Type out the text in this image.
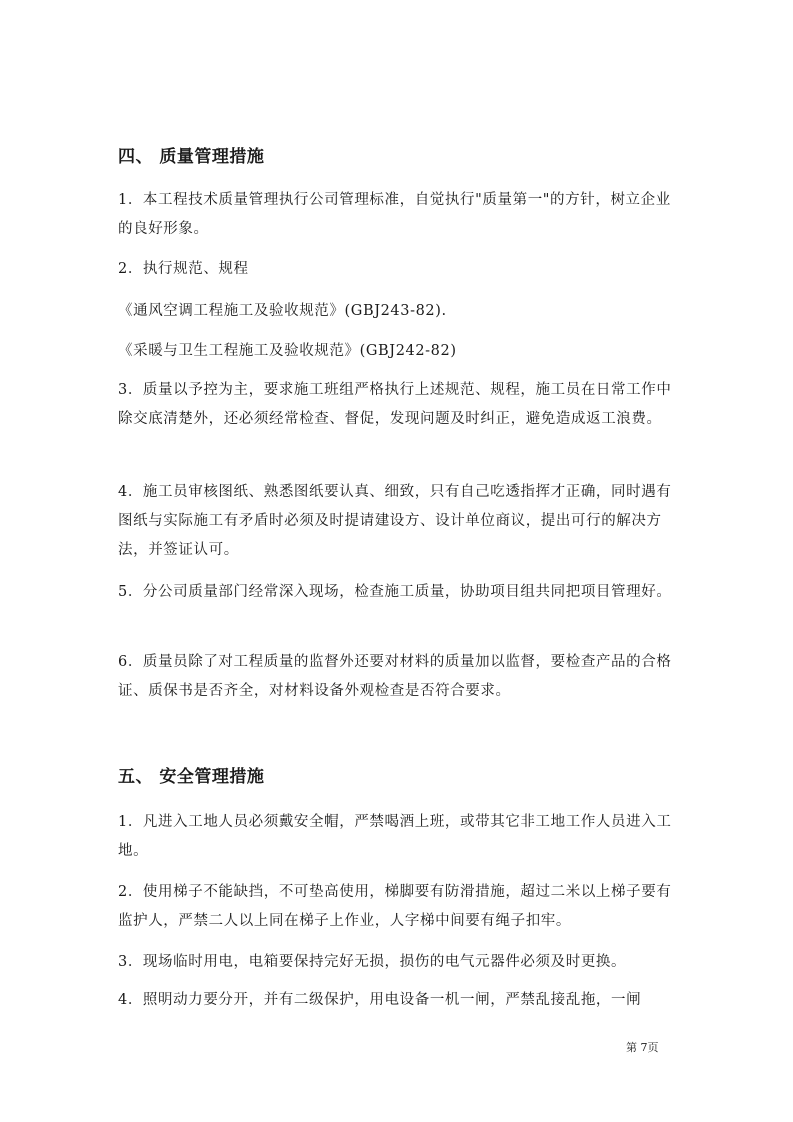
四、 质量管理措施
1．本工程技术质量管理执行公司管理标准，自觉执行"质量第一"的方针，树立企业的良好形象。
2．执行规范、规程
《通风空调工程施工及验收规范》(GBJ243-82).
《采暖与卫生工程施工及验收规范》(GBJ242-82)
3．质量以予控为主，要求施工班组严格执行上述规范、规程，施工员在日常工作中除交底清楚外，还必须经常检查、督促，发现问题及时纠正，避免造成返工浪费。
4．施工员审核图纸、熟悉图纸要认真、细致，只有自己吃透指挥才正确，同时遇有图纸与实际施工有矛盾时必须及时提请建设方、设计单位商议，提出可行的解决方法，并签证认可。
5．分公司质量部门经常深入现场，检查施工质量，协助项目组共同把项目管理好。
6．质量员除了对工程质量的监督外还要对材料的质量加以监督，要检查产品的合格证、质保书是否齐全，对材料设备外观检查是否符合要求。
五、 安全管理措施
1．凡进入工地人员必须戴安全帽，严禁喝酒上班，或带其它非工地工作人员进入工地。
2．使用梯子不能缺挡，不可垫高使用，梯脚要有防滑措施，超过二米以上梯子要有监护人，严禁二人以上同在梯子上作业，人字梯中间要有绳子扣牢。
3．现场临时用电，电箱要保持完好无损，损伤的电气元器件必须及时更换。
4．照明动力要分开，并有二级保护，用电设备一机一闸，严禁乱接乱拖，一闸
第 7页
